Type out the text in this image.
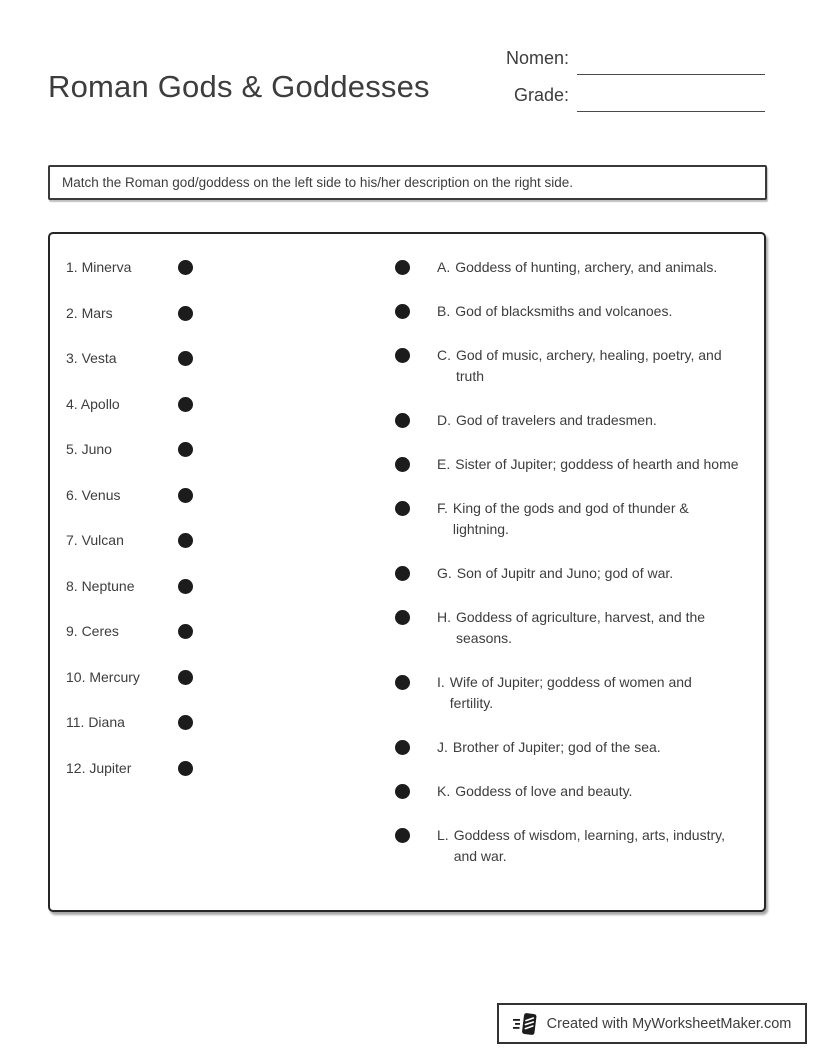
Roman Gods & Goddesses
Nomen:
Grade:
Match the Roman god/goddess on the left side to his/her description on the right side.
1. Minerva
2. Mars
3. Vesta
4. Apollo
5. Juno
6. Venus
7. Vulcan
8. Neptune
9. Ceres
10. Mercury
11. Diana
12. Jupiter
A. Goddess of hunting, archery, and animals.
B. God of blacksmiths and volcanoes.
C. God of music, archery, healing, poetry, and truth
D. God of travelers and tradesmen.
E. Sister of Jupiter; goddess of hearth and home
F. King of the gods and god of thunder & lightning.
G. Son of Jupitr and Juno; god of war.
H. Goddess of agriculture, harvest, and the seasons.
I. Wife of Jupiter; goddess of women and fertility.
J. Brother of Jupiter; god of the sea.
K. Goddess of love and beauty.
L. Goddess of wisdom, learning, arts, industry, and war.
Created with MyWorksheetMaker.com
